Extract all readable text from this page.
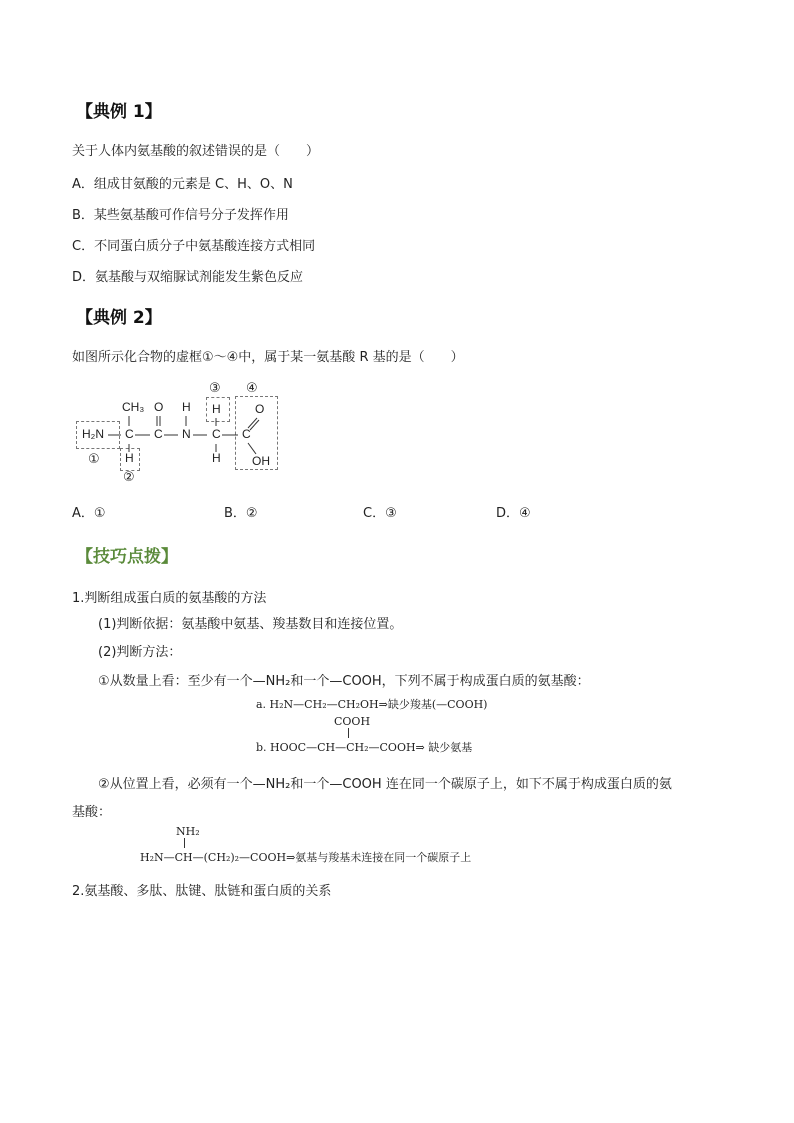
【典例 1】
关于人体内氨基酸的叙述错误的是（　　）
A．组成甘氨酸的元素是 C、H、O、N
B．某些氨基酸可作信号分子发挥作用
C．不同蛋白质分子中氨基酸连接方式相同
D．氨基酸与双缩脲试剂能发生紫色反应
【典例 2】
如图所示化合物的虚框①～④中，属于某一氨基酸 R 基的是（　　）
①
②
③ ④
H₂N
CH₃
C
H
C
O
N
H
C
H
H
C
O
OH
A．①	B．②	C．③	D．④
【技巧点拨】
1.判断组成蛋白质的氨基酸的方法
(1)判断依据：氨基酸中氨基、羧基数目和连接位置。
(2)判断方法：
①从数量上看：至少有一个—NH₂和一个—COOH，下列不属于构成蛋白质的氨基酸：
a. H₂N—CH₂—CH₂OH⇒缺少羧基(—COOH)
COOH
b. HOOC—CH—CH₂—COOH⇒ 缺少氨基
②从位置上看，必须有一个—NH₂和一个—COOH 连在同一个碳原子上，如下不属于构成蛋白质的氨
基酸：
NH₂
H₂N—CH—(CH₂)₂—COOH⇒氨基与羧基未连接在同一个碳原子上
2.氨基酸、多肽、肽键、肽链和蛋白质的关系
